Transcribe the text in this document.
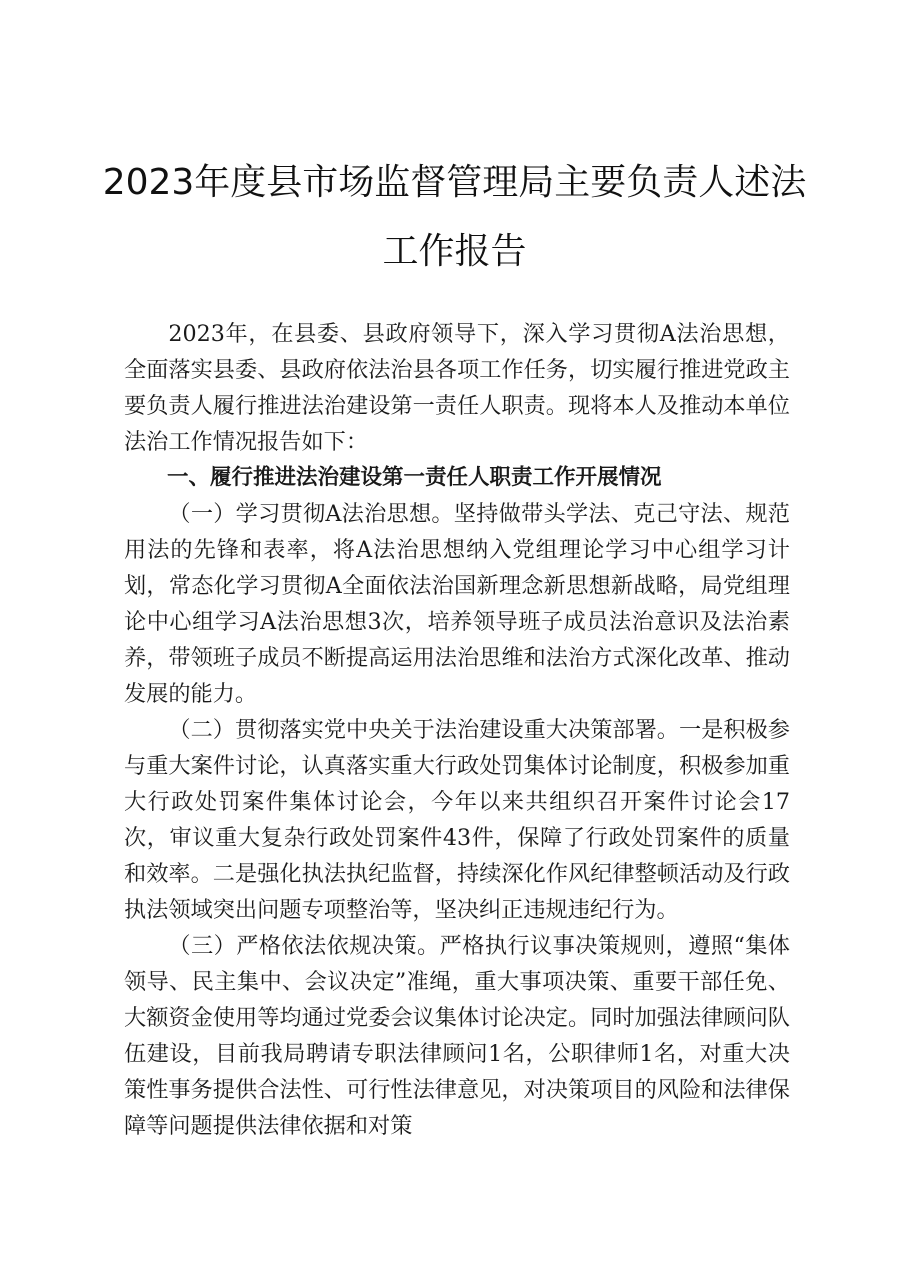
2023年度县市场监督管理局主要负责人述法
工作报告

2023年，在县委、县政府领导下，深入学习贯彻A法治思想，全面落实县委、县政府依法治县各项工作任务，切实履行推进党政主要负责人履行推进法治建设第一责任人职责。现将本人及推动本单位法治工作情况报告如下：

一、履行推进法治建设第一责任人职责工作开展情况

（一）学习贯彻A法治思想。坚持做带头学法、克己守法、规范用法的先锋和表率，将A法治思想纳入党组理论学习中心组学习计划，常态化学习贯彻A全面依法治国新理念新思想新战略，局党组理论中心组学习A法治思想3次，培养领导班子成员法治意识及法治素养，带领班子成员不断提高运用法治思维和法治方式深化改革、推动发展的能力。

（二）贯彻落实党中央关于法治建设重大决策部署。一是积极参与重大案件讨论，认真落实重大行政处罚集体讨论制度，积极参加重大行政处罚案件集体讨论会，今年以来共组织召开案件讨论会17次，审议重大复杂行政处罚案件43件，保障了行政处罚案件的质量和效率。二是强化执法执纪监督，持续深化作风纪律整顿活动及行政执法领域突出问题专项整治等，坚决纠正违规违纪行为。

（三）严格依法依规决策。严格执行议事决策规则，遵照“集体领导、民主集中、会议决定”准绳，重大事项决策、重要干部任免、大额资金使用等均通过党委会议集体讨论决定。同时加强法律顾问队伍建设，目前我局聘请专职法律顾问1名，公职律师1名，对重大决策性事务提供合法性、可行性法律意见，对决策项目的风险和法律保障等问题提供法律依据和对策
